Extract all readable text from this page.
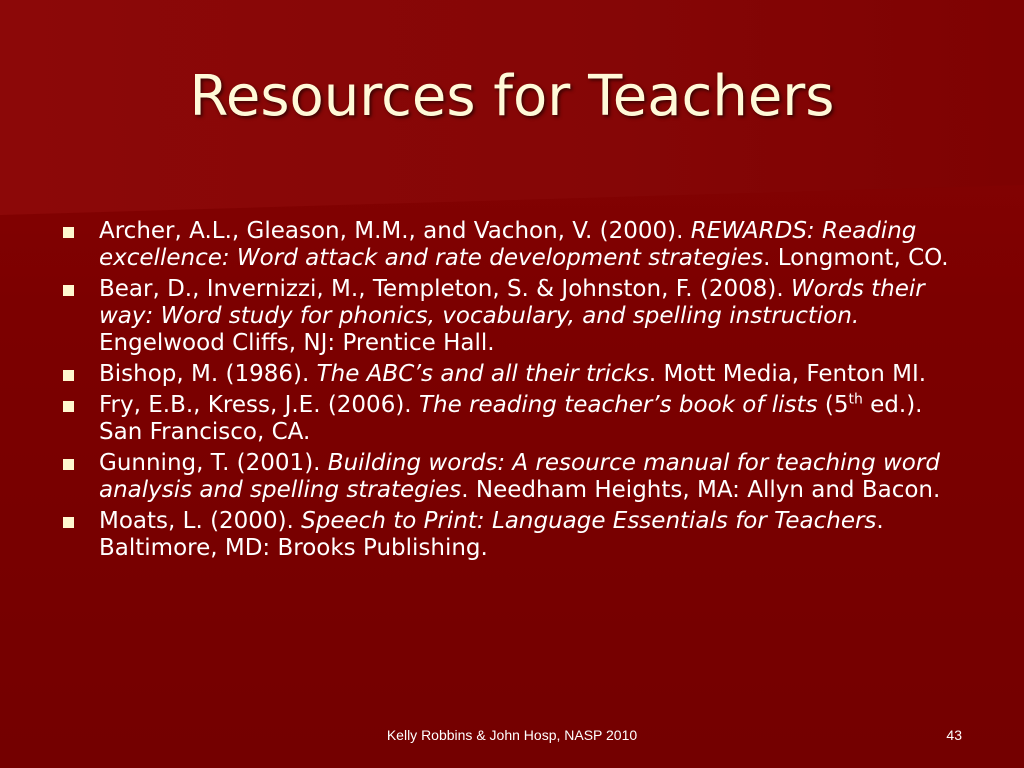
Resources for Teachers
Archer, A.L., Gleason, M.M., and Vachon, V. (2000). REWARDS: Reading excellence: Word attack and rate development strategies. Longmont, CO.
Bear, D., Invernizzi, M., Templeton, S. & Johnston, F. (2008). Words their way: Word study for phonics, vocabulary, and spelling instruction. Engelwood Cliffs, NJ: Prentice Hall.
Bishop, M. (1986). The ABC’s and all their tricks. Mott Media, Fenton MI.
Fry, E.B., Kress, J.E. (2006). The reading teacher’s book of lists (5th ed.). San Francisco, CA.
Gunning, T. (2001). Building words: A resource manual for teaching word analysis and spelling strategies. Needham Heights, MA: Allyn and Bacon.
Moats, L. (2000). Speech to Print: Language Essentials for Teachers. Baltimore, MD: Brooks Publishing.
Kelly Robbins & John Hosp, NASP 2010	43
